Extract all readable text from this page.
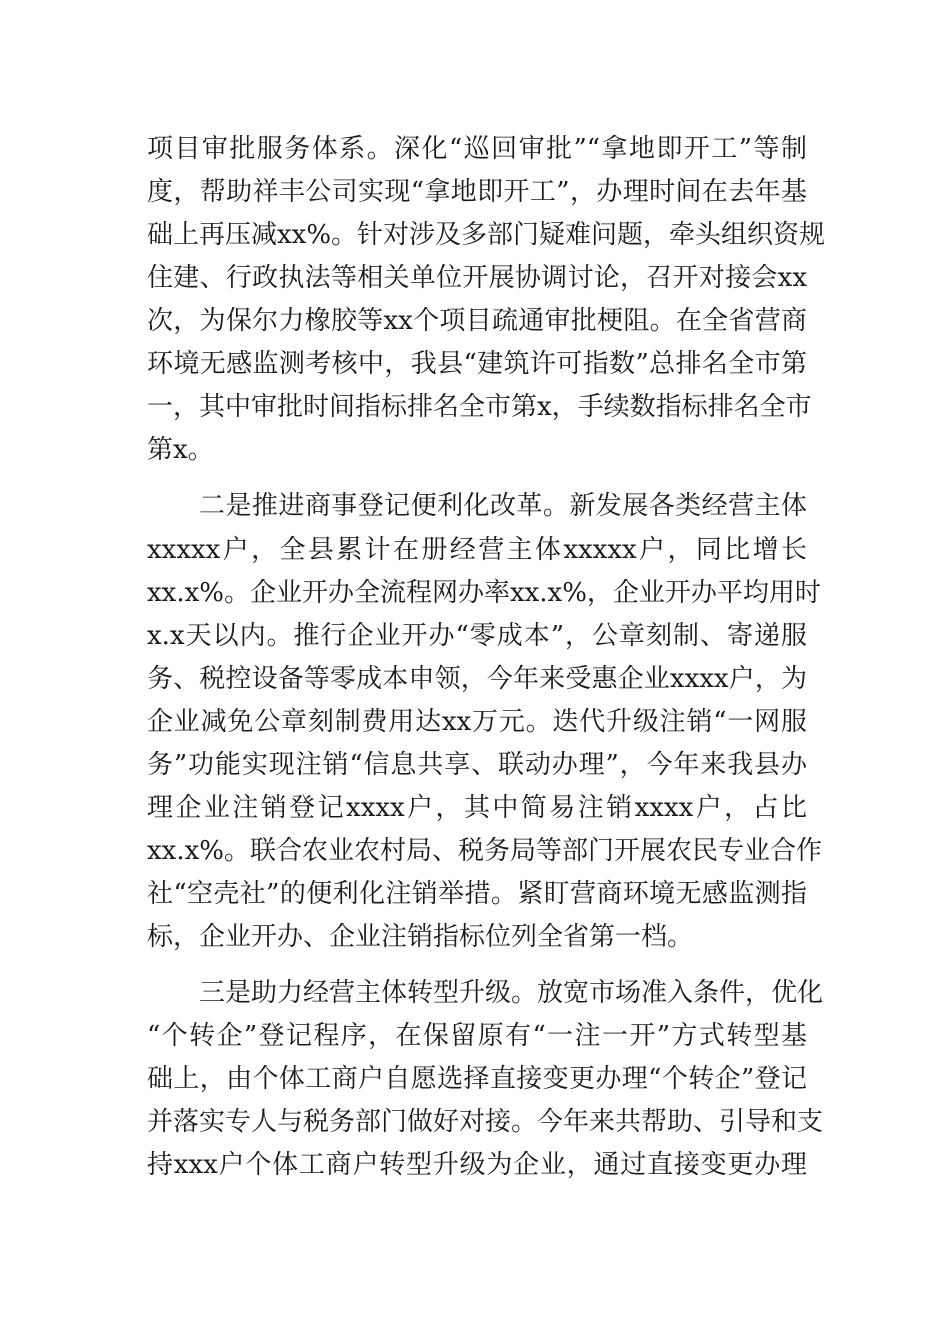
项目审批服务体系。深化“巡回审批”“拿地即开工”等制
度，帮助祥丰公司实现“拿地即开工”，办理时间在去年基
础上再压减xx%。针对涉及多部门疑难问题，牵头组织资规
住建、行政执法等相关单位开展协调讨论，召开对接会xx
次，为保尔力橡胶等xx个项目疏通审批梗阻。在全省营商
环境无感监测考核中，我县“建筑许可指数”总排名全市第
一，其中审批时间指标排名全市第x，手续数指标排名全市
第x。
二是推进商事登记便利化改革。新发展各类经营主体
xxxxx户，全县累计在册经营主体xxxxx户，同比增长
xx.x%。企业开办全流程网办率xx.x%，企业开办平均用时
x.x天以内。推行企业开办“零成本”，公章刻制、寄递服
务、税控设备等零成本申领，今年来受惠企业xxxx户，为
企业减免公章刻制费用达xx万元。迭代升级注销“一网服
务”功能实现注销“信息共享、联动办理”，今年来我县办
理企业注销登记xxxx户，其中简易注销xxxx户，占比
xx.x%。联合农业农村局、税务局等部门开展农民专业合作
社“空壳社”的便利化注销举措。紧盯营商环境无感监测指
标，企业开办、企业注销指标位列全省第一档。
三是助力经营主体转型升级。放宽市场准入条件，优化
“个转企”登记程序，在保留原有“一注一开”方式转型基
础上，由个体工商户自愿选择直接变更办理“个转企”登记
并落实专人与税务部门做好对接。今年来共帮助、引导和支
持xxx户个体工商户转型升级为企业，通过直接变更办理
